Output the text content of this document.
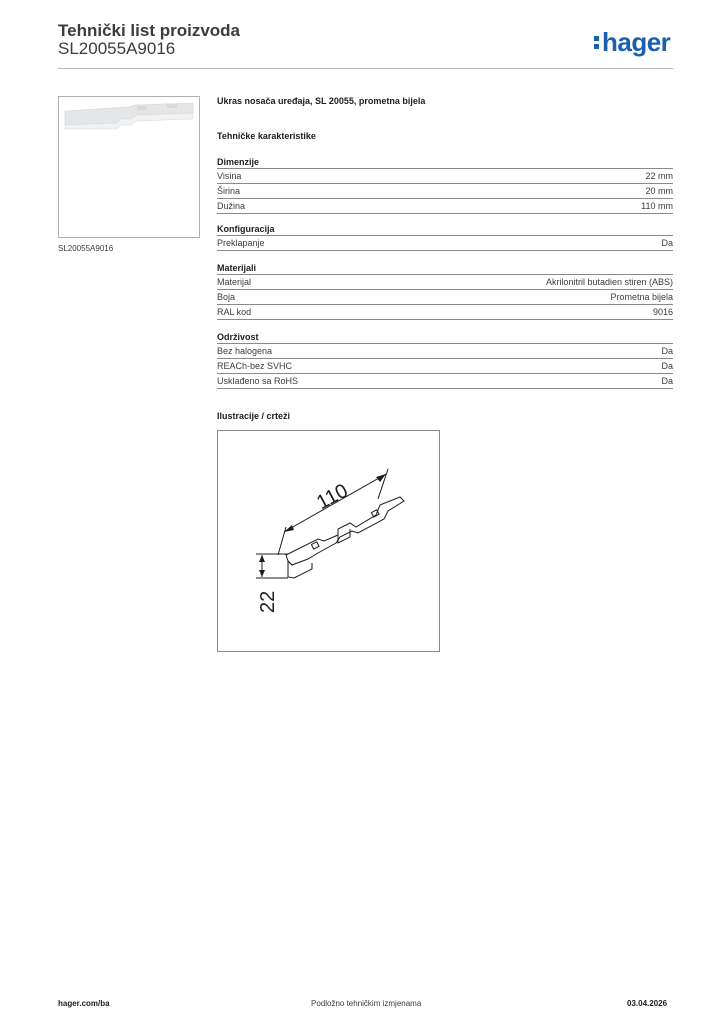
Tehnički list proizvoda
SL20055A9016	hager
SL20055A9016
Ukras nosača uređaja, SL 20055, prometna bijela
Tehničke karakteristike
Dimenzije
Visina	22 mm
Širina	20 mm
Dužina	110 mm
Konfiguracija
Preklapanje	Da
Materijali
Materijal	Akrilonitril butadien stiren (ABS)
Boja	Prometna bijela
RAL kod	9016
Održivost
Bez halogena	Da
REACh-bez SVHC	Da
Usklađeno sa RoHS	Da
Ilustracije / crteži
110
22
hager.com/ba	Podložno tehničkim izmjenama	03.04.2026
